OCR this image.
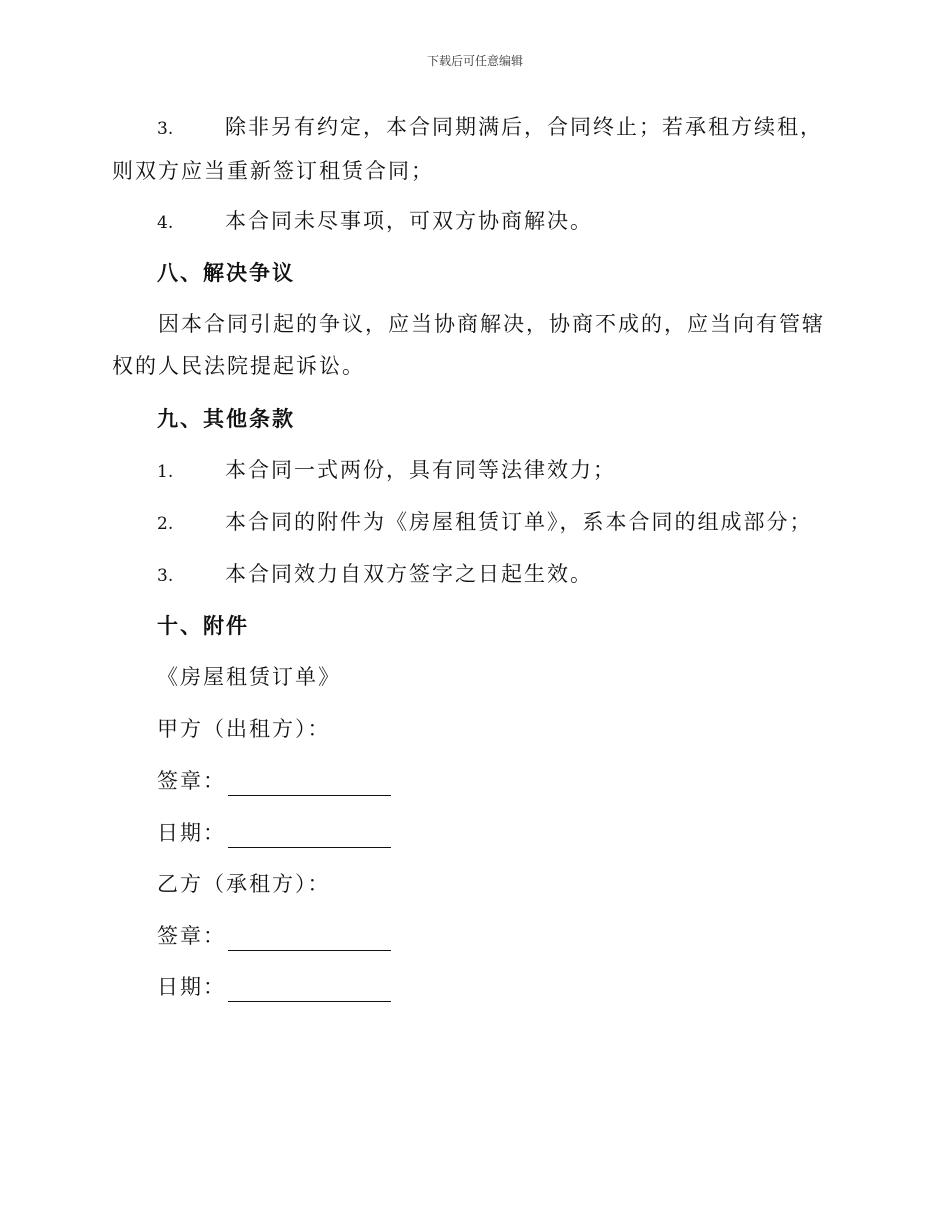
下载后可任意编辑
3. 除非另有约定，本合同期满后，合同终止；若承租方续租，则双方应当重新签订租赁合同；
4. 本合同未尽事项，可双方协商解决。
八、解决争议
因本合同引起的争议，应当协商解决，协商不成的，应当向有管辖权的人民法院提起诉讼。
九、其他条款
1. 本合同一式两份，具有同等法律效力；
2. 本合同的附件为《房屋租赁订单》，系本合同的组成部分；
3. 本合同效力自双方签字之日起生效。
十、附件
《房屋租赁订单》
甲方（出租方）：
签章：
日期：
乙方（承租方）：
签章：
日期：
